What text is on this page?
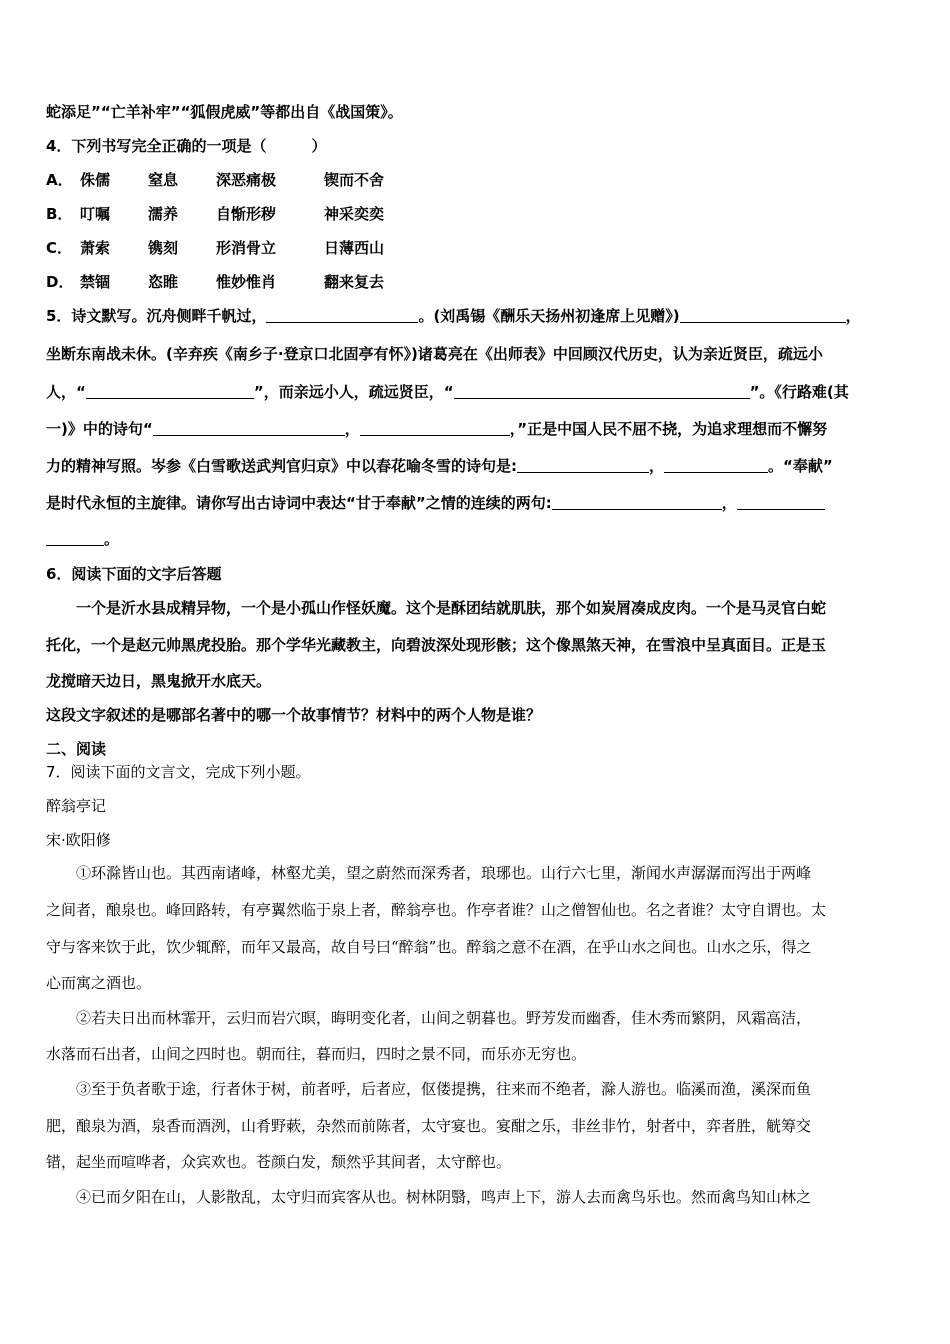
蛇添足”“亡羊补牢”“狐假虎威”等都出自《战国策》。
4．下列书写完全正确的一项是（　　　）
A． 侏儒	窒息	深恶痛极	锲而不舍
B． 叮嘱	濡养	自惭形秽	神采奕奕
C． 萧索	镌刻	形消骨立	日薄西山
D． 禁锢	恣睢	惟妙惟肖	翻来复去
5．诗文默写。沉舟侧畔千帆过，	。(刘禹锡《酬乐天扬州初逢席上见赠》)	，
坐断东南战未休。(辛弃疾《南乡子·登京口北固亭有怀》)诸葛亮在《出师表》中回顾汉代历史，认为亲近贤臣，疏远小
人，“	”，而亲远小人，疏远贤臣，“	”。《行路难(其
一)》中的诗句“	，	，”正是中国人民不屈不挠，为追求理想而不懈努
力的精神写照。岑参《白雪歌送武判官归京》中以春花喻冬雪的诗句是:	，	。“奉献”
是时代永恒的主旋律。请你写出古诗词中表达“甘于奉献”之情的连续的两句:	，
。
6．阅读下面的文字后答题
一个是沂水县成精异物，一个是小孤山作怪妖魔。这个是酥团结就肌肤，那个如炭屑凑成皮肉。一个是马灵官白蛇
托化，一个是赵元帅黑虎投胎。那个学华光藏教主，向碧波深处现形骸；这个像黑煞天神，在雪浪中呈真面目。正是玉
龙搅暗天边日，黑鬼掀开水底天。
这段文字叙述的是哪部名著中的哪一个故事情节？材料中的两个人物是谁？
二、阅读
7．阅读下面的文言文，完成下列小题。
醉翁亭记
宋·欧阳修
①环滁皆山也。其西南诸峰，林壑尤美，望之蔚然而深秀者，琅琊也。山行六七里，渐闻水声潺潺而泻出于两峰
之间者，酿泉也。峰回路转，有亭翼然临于泉上者，醉翁亭也。作亭者谁？山之僧智仙也。名之者谁？太守自谓也。太
守与客来饮于此，饮少辄醉，而年又最高，故自号曰“醉翁”也。醉翁之意不在酒，在乎山水之间也。山水之乐，得之
心而寓之酒也。
②若夫日出而林霏开，云归而岩穴暝，晦明变化者，山间之朝暮也。野芳发而幽香，佳木秀而繁阴，风霜高洁，
水落而石出者，山间之四时也。朝而往，暮而归，四时之景不同，而乐亦无穷也。
③至于负者歌于途，行者休于树，前者呼，后者应，伛偻提携，往来而不绝者，滁人游也。临溪而渔，溪深而鱼
肥，酿泉为酒，泉香而酒洌，山肴野蔌，杂然而前陈者，太守宴也。宴酣之乐，非丝非竹，射者中，弈者胜，觥筹交
错，起坐而喧哗者，众宾欢也。苍颜白发，颓然乎其间者，太守醉也。
④已而夕阳在山，人影散乱，太守归而宾客从也。树林阴翳，鸣声上下，游人去而禽鸟乐也。然而禽鸟知山林之
